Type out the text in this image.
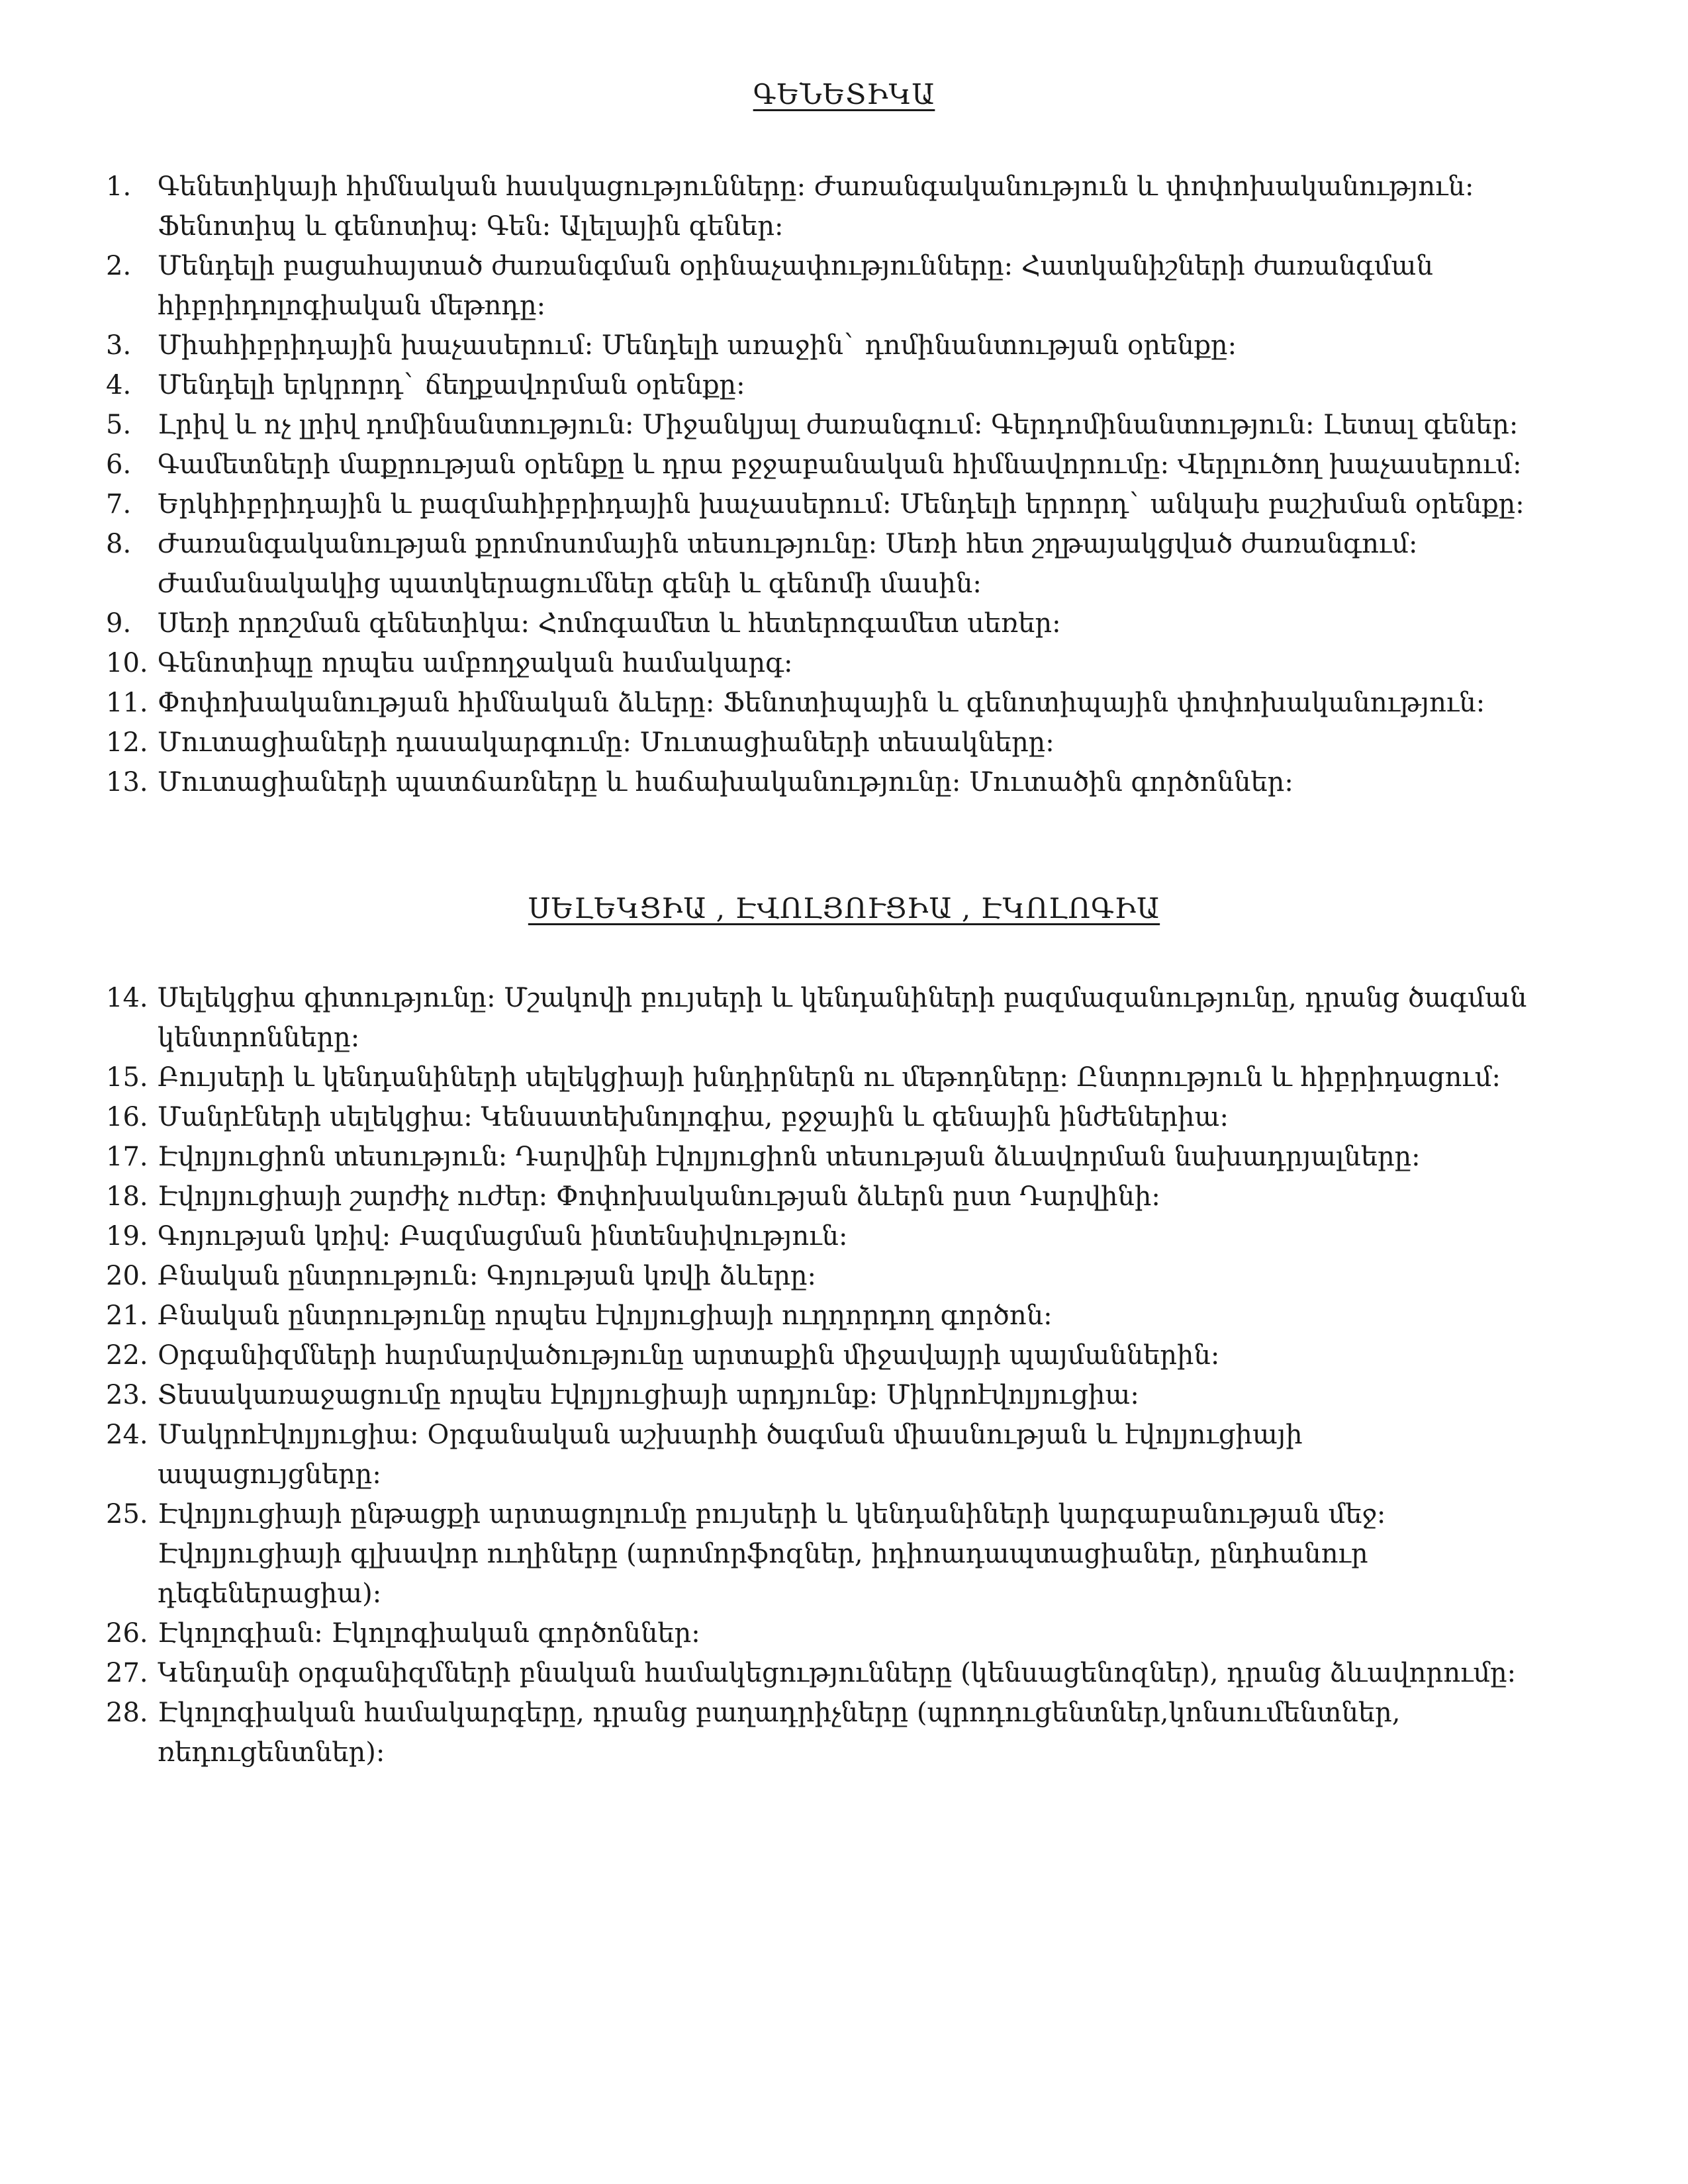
ԳԵՆԵՏԻԿԱ
1. Գենետիկայի հիմնական հասկացությունները: Ժառանգականություն և փոփոխականություն: Ֆենոտիպ և գենոտիպ: Գեն: Ալելային գեներ:
2. Մենդելի բացահայտած ժառանգման օրինաչափությունները: Հատկանիշների ժառանգման հիբրիդոլոգիական մեթոդը:
3. Միահիբրիդային խաչասերում: Մենդելի առաջին` դոմինանտության օրենքը:
4. Մենդելի երկրորդ` ճեղքավորման օրենքը:
5. Լրիվ և ոչ լրիվ դոմինանտություն: Միջանկյալ ժառանգում: Գերդոմինանտություն: Լետալ գեներ:
6. Գամետների մաքրության օրենքը և դրա բջջաբանական հիմնավորումը: Վերլուծող խաչասերում:
7. Երկհիբրիդային և բազմահիբրիդային խաչասերում: Մենդելի երրորդ` անկախ բաշխման օրենքը:
8. Ժառանգականության քրոմոսոմային տեսությունը: Սեռի հետ շղթայակցված ժառանգում: Ժամանակակից պատկերացումներ գենի և գենոմի մասին:
9. Սեռի որոշման գենետիկա: Հոմոգամետ և հետերոգամետ սեռեր:
10. Գենոտիպը որպես ամբողջական համակարգ:
11. Փոփոխականության հիմնական ձևերը: Ֆենոտիպային և գենոտիպային փոփոխականություն:
12. Մուտացիաների դասակարգումը: Մուտացիաների տեսակները:
13. Մուտացիաների պատճառները և հաճախականությունը: Մուտածին գործոններ:
ՍԵԼԵԿՑԻԱ , ԷՎՈԼՅՈՒՑԻԱ , ԷԿՈԼՈԳԻԱ
14. Սելեկցիա գիտությունը: Մշակովի բույսերի և կենդանիների բազմազանությունը, դրանց ծագման կենտրոնները:
15. Բույսերի և կենդանիների սելեկցիայի խնդիրներն ու մեթոդները: Ընտրություն և հիբրիդացում:
16. Մանրէների սելեկցիա: Կենսատեխնոլոգիա, բջջային և գենային ինժեներիա:
17. Էվոլյուցիոն տեսություն: Դարվինի էվոլյուցիոն տեսության ձևավորման նախադրյալները:
18. Էվոլյուցիայի շարժիչ ուժեր: Փոփոխականության ձևերն ըստ Դարվինի:
19. Գոյության կռիվ: Բազմացման ինտենսիվություն:
20. Բնական ընտրություն: Գոյության կռվի ձևերը:
21. Բնական ընտրությունը որպես էվոլյուցիայի ուղղորդող գործոն:
22. Օրգանիզմների հարմարվածությունը արտաքին միջավայրի պայմաններին:
23. Տեսակառաջացումը որպես էվոլյուցիայի արդյունք: Միկրոէվոլյուցիա:
24. Մակրոէվոլյուցիա: Օրգանական աշխարհի ծագման միասնության և էվոլյուցիայի ապացույցները:
25. Էվոլյուցիայի ընթացքի արտացոլումը բույսերի և կենդանիների կարգաբանության մեջ: Էվոլյուցիայի գլխավոր ուղիները (արոմորֆոզներ, իդիոադապտացիաներ, ընդհանուր դեգեներացիա):
26. Էկոլոգիան: Էկոլոգիական գործոններ:
27. Կենդանի օրգանիզմների բնական համակեցությունները (կենսացենոզներ), դրանց ձևավորումը:
28. Էկոլոգիական համակարգերը, դրանց բաղադրիչները (պրոդուցենտներ,կոնսումենտներ, ռեդուցենտներ):
